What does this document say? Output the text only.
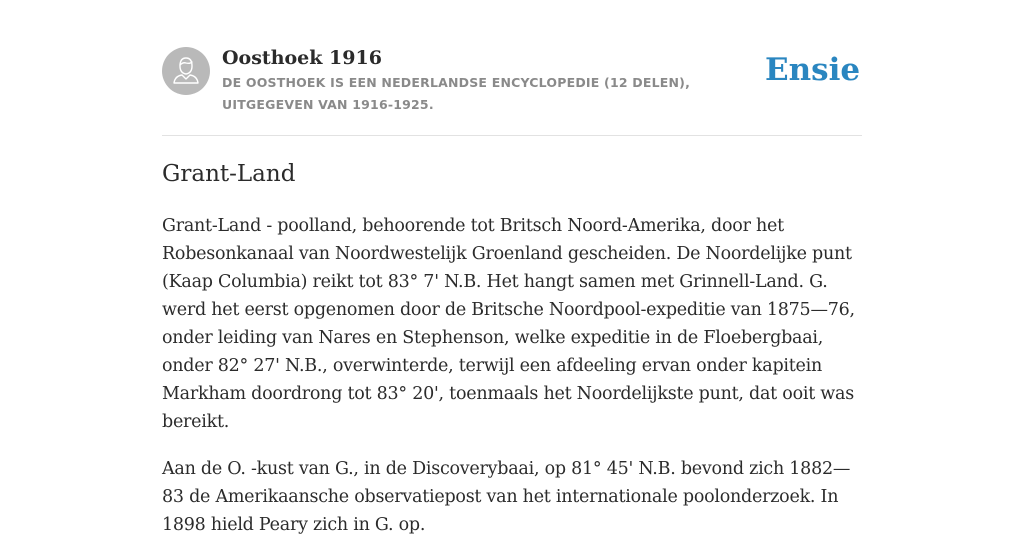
Oosthoek 1916

DE OOSTHOEK IS EEN NEDERLANDSE ENCYCLOPEDIE (12 DELEN), UITGEGEVEN VAN 1916-1925.

Ensie
Grant-Land

Grant-Land - poolland, behoorende tot Britsch Noord-Amerika, door het Robesonkanaal van Noordwestelijk Groenland gescheiden. De Noordelijke punt (Kaap Columbia) reikt tot 83° 7' N.B. Het hangt samen met Grinnell-Land. G. werd het eerst opgenomen door de Britsche Noordpool-expeditie van 1875—76, onder leiding van Nares en Stephenson, welke expeditie in de Floebergbaai, onder 82° 27' N.B., overwinterde, terwijl een afdeeling ervan onder kapitein Markham doordrong tot 83° 20', toenmaals het Noordelijkste punt, dat ooit was bereikt.

Aan de O. -kust van G., in de Discoverybaai, op 81° 45' N.B. bevond zich 1882—83 de Amerikaansche observatiepost van het internationale poolonderzoek. In 1898 hield Peary zich in G. op.
